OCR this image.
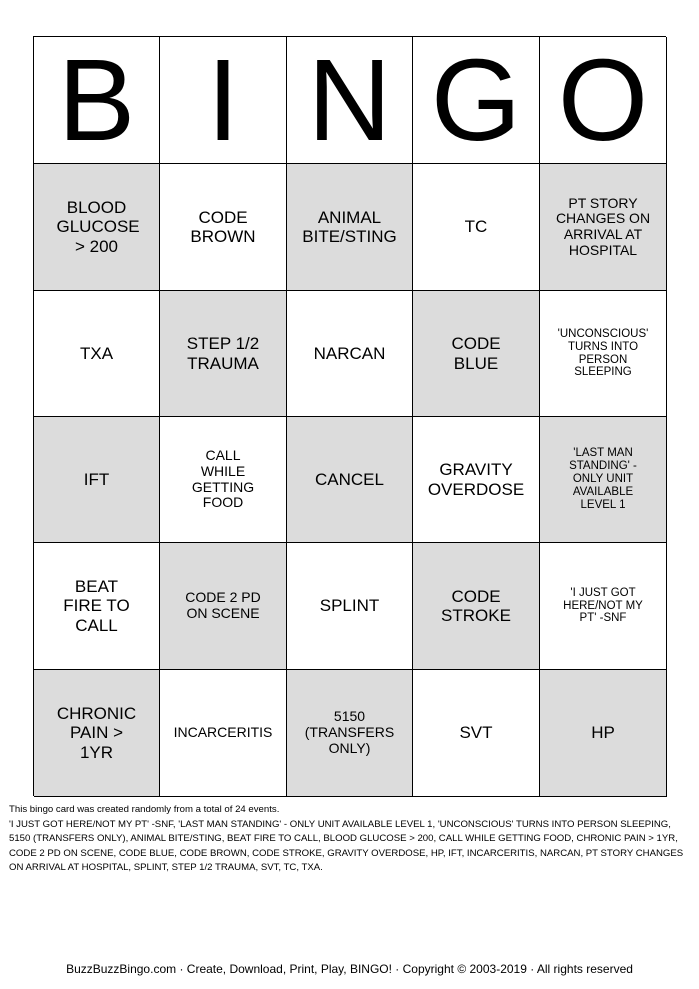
B I N G O
BLOOD GLUCOSE > 200
CODE BROWN
ANIMAL BITE/STING
TC
PT STORY CHANGES ON ARRIVAL AT HOSPITAL
TXA
STEP 1/2 TRAUMA
NARCAN
CODE BLUE
'UNCONSCIOUS' TURNS INTO PERSON SLEEPING
IFT
CALL WHILE GETTING FOOD
CANCEL
GRAVITY OVERDOSE
'LAST MAN STANDING' - ONLY UNIT AVAILABLE LEVEL 1
BEAT FIRE TO CALL
CODE 2 PD ON SCENE	SPLINT
CODE STROKE
'I JUST GOT HERE/NOT MY PT' -SNF
CHRONIC PAIN > 1YR
INCARCERITIS
5150 (TRANSFERS ONLY)
SVT	HP

This bingo card was created randomly from a total of 24 events.

'I JUST GOT HERE/NOT MY PT' -SNF, 'LAST MAN STANDING' - ONLY UNIT AVAILABLE LEVEL 1, 'UNCONSCIOUS' TURNS INTO PERSON SLEEPING, 5150 (TRANSFERS ONLY), ANIMAL BITE/STING, BEAT FIRE TO CALL, BLOOD GLUCOSE > 200, CALL WHILE GETTING FOOD, CHRONIC PAIN > 1YR, CODE 2 PD ON SCENE, CODE BLUE, CODE BROWN, CODE STROKE, GRAVITY OVERDOSE, HP, IFT, INCARCERITIS, NARCAN, PT STORY CHANGES ON ARRIVAL AT HOSPITAL, SPLINT, STEP 1/2 TRAUMA, SVT, TC, TXA.

BuzzBuzzBingo.com · Create, Download, Print, Play, BINGO! · Copyright © 2003-2019 · All rights reserved
